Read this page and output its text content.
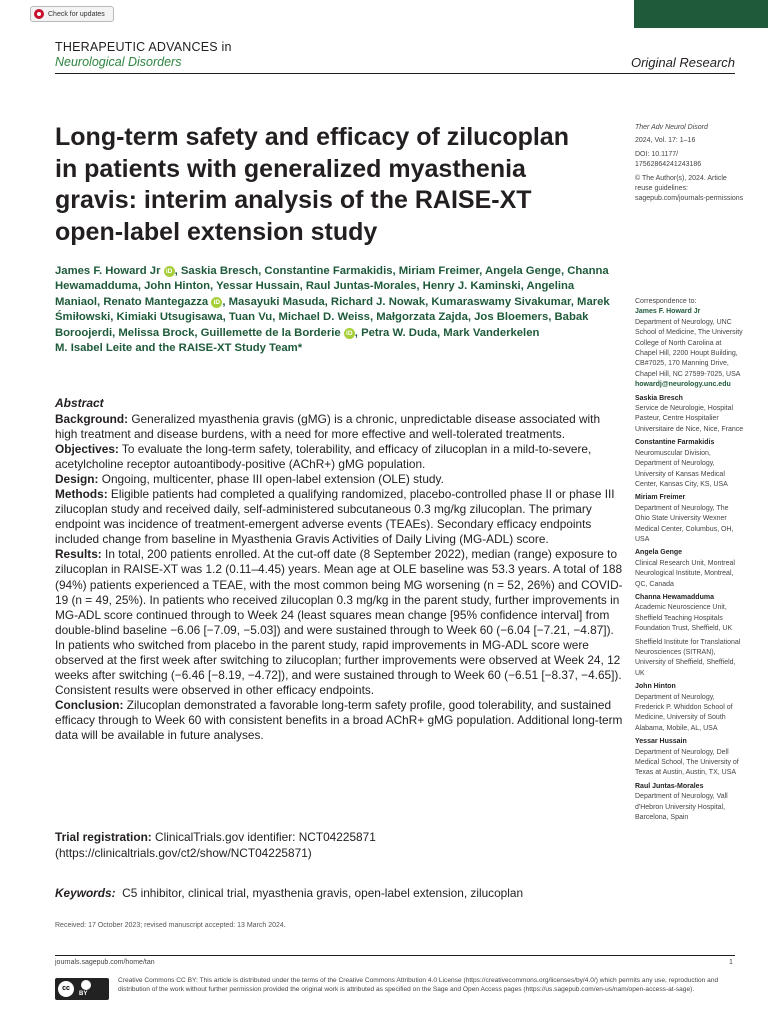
Check for updates
THERAPEUTIC ADVANCES in
Neurological Disorders	Original Research
Long-term safety and efficacy of zilucoplan in patients with generalized myasthenia gravis: interim analysis of the RAISE-XT open-label extension study
James F. Howard Jr iD , Saskia Bresch, Constantine Farmakidis, Miriam Freimer, Angela Genge, Channa Hewamadduma, John Hinton, Yessar Hussain, Raul Juntas-Morales, Henry J. Kaminski, Angelina Maniaol, Renato Mantegazza iD , Masayuki Masuda, Richard J. Nowak, Kumaraswamy Sivakumar, Marek Śmiłowski, Kimiaki Utsugisawa, Tuan Vu, Michael D. Weiss, Małgorzata Zajda, Jos Bloemers, Babak Boroojerdi, Melissa Brock, Guillemette de la Borderie iD , Petra W. Duda, Mark Vanderkelen
M. Isabel Leite and the RAISE-XT Study Team*
Abstract

Background: Generalized myasthenia gravis (gMG) is a chronic, unpredictable disease associated with high treatment and disease burdens, with a need for more effective and well-tolerated treatments.

Objectives: To evaluate the long-term safety, tolerability, and efficacy of zilucoplan in a mild-to-severe, acetylcholine receptor autoantibody-positive (AChR+) gMG population.

Design: Ongoing, multicenter, phase III open-label extension (OLE) study.

Methods: Eligible patients had completed a qualifying randomized, placebo-controlled phase II or phase III zilucoplan study and received daily, self-administered subcutaneous 0.3 mg/kg zilucoplan. The primary endpoint was incidence of treatment-emergent adverse events (TEAEs). Secondary efficacy endpoints included change from baseline in Myasthenia Gravis Activities of Daily Living (MG-ADL) score.

Results: In total, 200 patients enrolled. At the cut-off date (8 September 2022), median (range) exposure to zilucoplan in RAISE-XT was 1.2 (0.11–4.45) years. Mean age at OLE baseline was 53.3 years. A total of 188 (94%) patients experienced a TEAE, with the most common being MG worsening (n = 52, 26%) and COVID-19 (n = 49, 25%). In patients who received zilucoplan 0.3 mg/kg in the parent study, further improvements in MG-ADL score continued through to Week 24 (least squares mean change [95% confidence interval] from double-blind baseline −6.06 [−7.09, −5.03]) and were sustained through to Week 60 (−6.04 [−7.21, −4.87]). In patients who switched from placebo in the parent study, rapid improvements in MG-ADL score were observed at the first week after switching to zilucoplan; further improvements were observed at Week 24, 12 weeks after switching (−6.46 [−8.19, −4.72]), and were sustained through to Week 60 (−6.51 [−8.37, −4.65]). Consistent results were observed in other efficacy endpoints.

Conclusion: Zilucoplan demonstrated a favorable long-term safety profile, good tolerability, and sustained efficacy through to Week 60 with consistent benefits in a broad AChR+ gMG population. Additional long-term data will be available in future analyses.

Trial registration: ClinicalTrials.gov identifier: NCT04225871 (https://clinicaltrials.gov/ct2/show/NCT04225871)
Keywords: C5 inhibitor, clinical trial, myasthenia gravis, open-label extension, zilucoplan
Received: 17 October 2023; revised manuscript accepted: 13 March 2024.

Ther Adv Neurol Disord

2024, Vol. 17: 1–16

DOI: 10.1177/ 17562864241243186

© The Author(s), 2024. Article reuse guidelines: sagepub.com/journals-permissions

Correspondence to:
James F. Howard Jr
Department of Neurology, UNC School of Medicine, The University College of North Carolina at Chapel Hill, 2200 Houpt Building, CB#7025, 170 Manning Drive, Chapel Hill, NC 27599-7025, USA

howardj@neurology.unc.edu

Saskia Bresch
Service de Neurologie, Hospital Pasteur, Centre Hospitalier Universitaire de Nice, Nice, France

Constantine Farmakidis
Neuromuscular Division, Department of Neurology, University of Kansas Medical Center, Kansas City, KS, USA

Miriam Freimer
Department of Neurology, The Ohio State University Wexner Medical Center, Columbus, OH, USA

Angela Genge
Clinical Research Unit, Montreal Neurological Institute, Montreal, QC, Canada

Channa Hewamadduma
Academic Neuroscience Unit, Sheffield Teaching Hospitals Foundation Trust, Sheffield, UK

Sheffield Institute for Translational Neurosciences (SITRAN), University of Sheffield, Sheffield, UK

John Hinton
Department of Neurology, Frederick P. Whiddon School of Medicine, University of South Alabama, Mobile, AL, USA

Yessar Hussain
Department of Neurology, Dell Medical School, The University of Texas at Austin, Austin, TX, USA

Raul Juntas-Morales
Department of Neurology, Vall d'Hebron University Hospital, Barcelona, Spain

journals.sagepub.com/home/tan	1
cc
BY
Creative Commons CC BY: This article is distributed under the terms of the Creative Commons Attribution 4.0 License (https://creativecommons.org/licenses/by/4.0/) which permits any use, reproduction and distribution of the work without further permission provided the original work is attributed as specified on the Sage and Open Access pages (https://us.sagepub.com/en-us/nam/open-access-at-sage).
